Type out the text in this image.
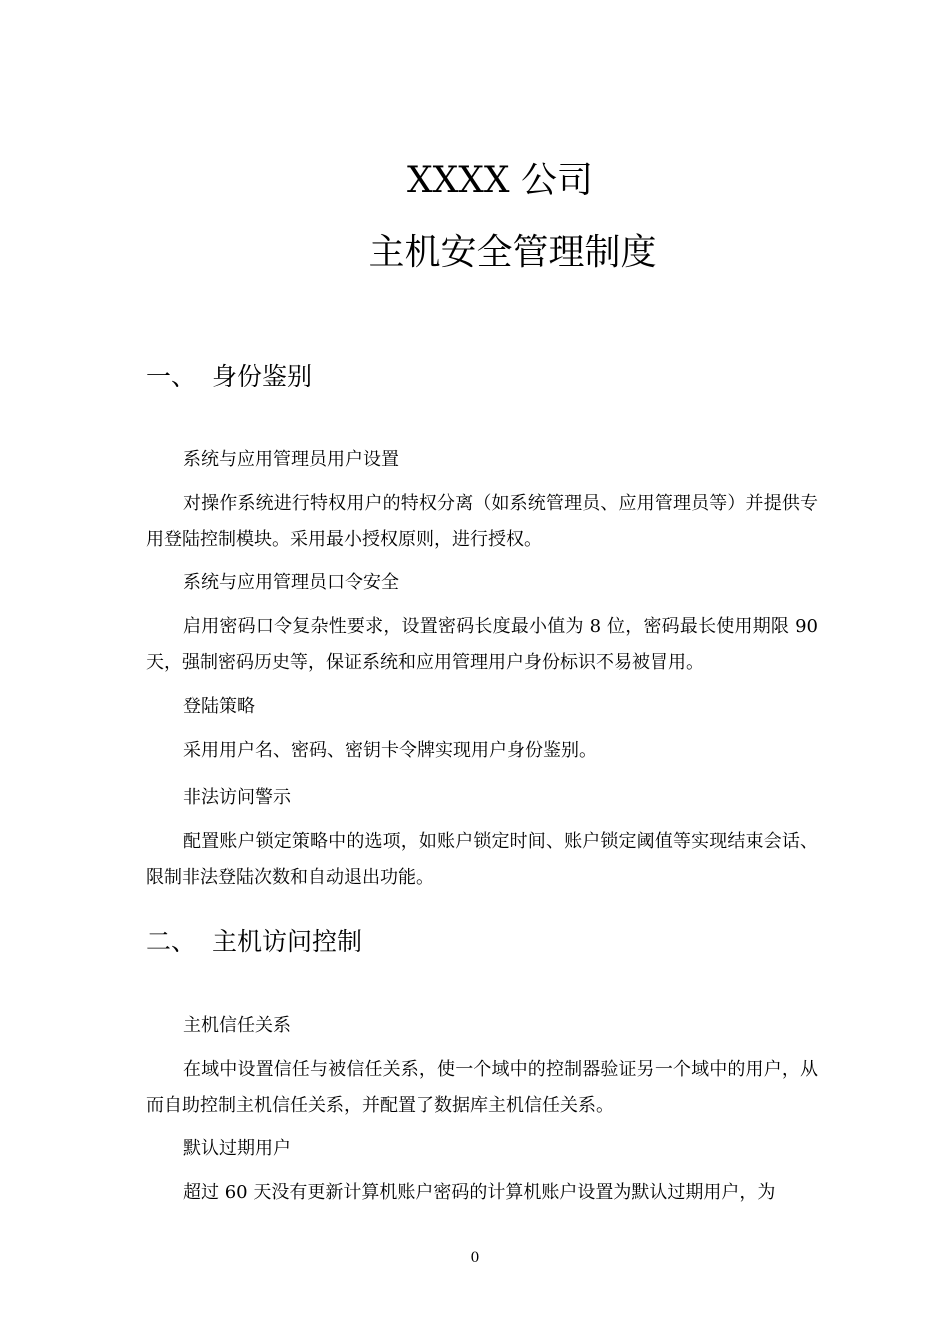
XXXX 公司
主机安全管理制度
一、 身份鉴别
系统与应用管理员用户设置
对操作系统进行特权用户的特权分离（如系统管理员、应用管理员等）并提供专用登陆控制模块。采用最小授权原则，进行授权。
系统与应用管理员口令安全
启用密码口令复杂性要求，设置密码长度最小值为 8 位，密码最长使用期限 90 天，强制密码历史等，保证系统和应用管理用户身份标识不易被冒用。
登陆策略
采用用户名、密码、密钥卡令牌实现用户身份鉴别。
非法访问警示
配置账户锁定策略中的选项，如账户锁定时间、账户锁定阈值等实现结束会话、限制非法登陆次数和自动退出功能。
二、 主机访问控制
主机信任关系
在域中设置信任与被信任关系，使一个域中的控制器验证另一个域中的用户，从而自助控制主机信任关系，并配置了数据库主机信任关系。
默认过期用户
超过 60 天没有更新计算机账户密码的计算机账户设置为默认过期用户，为
0
